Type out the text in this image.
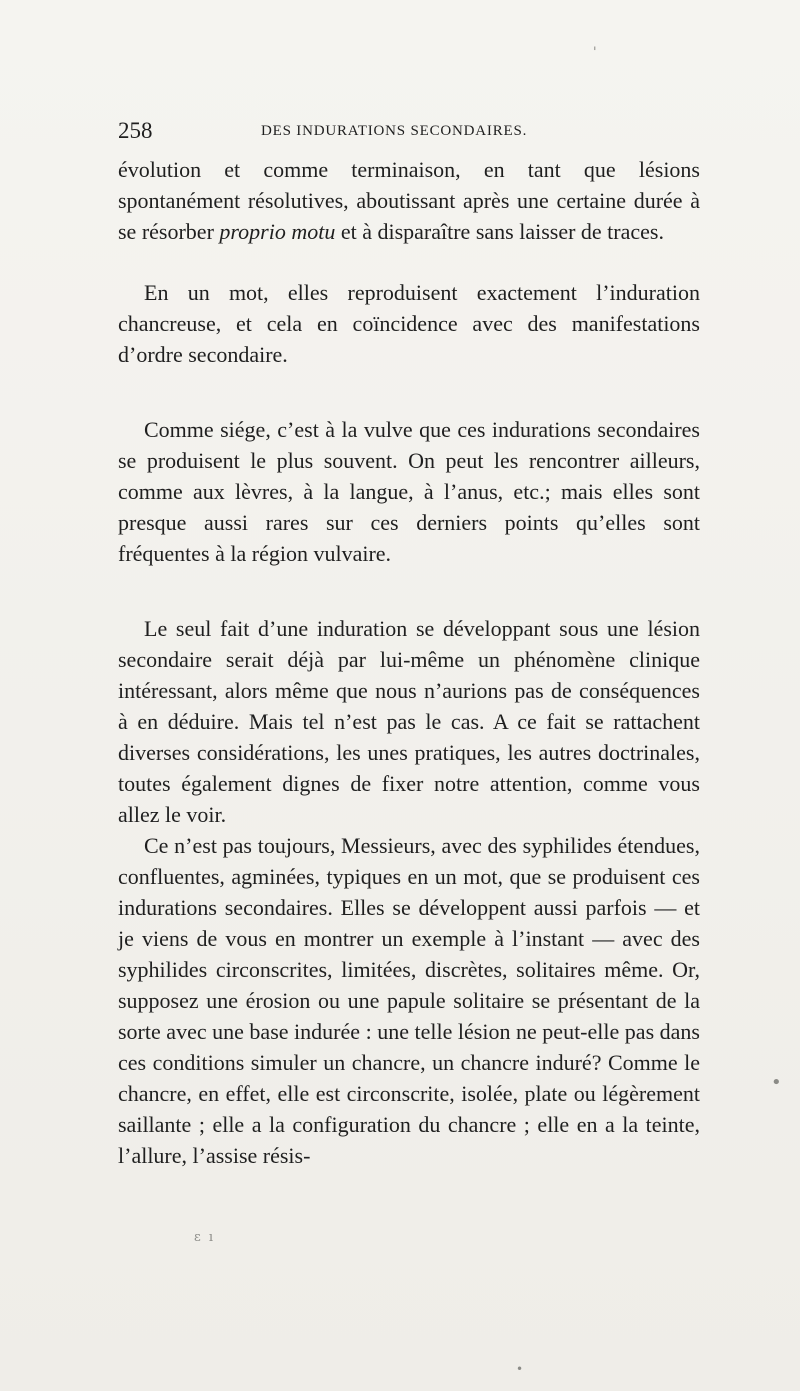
'
258	DES INDURATIONS SECONDAIRES.

évolution et comme terminaison, en tant que lésions spontanément résolutives, aboutissant après une certaine durée à se résorber proprio motu et à disparaître sans laisser de traces.

En un mot, elles reproduisent exactement l’induration chancreuse, et cela en coïncidence avec des manifestations d’ordre secondaire.

Comme siége, c’est à la vulve que ces indurations secondaires se produisent le plus souvent. On peut les rencontrer ailleurs, comme aux lèvres, à la langue, à l’anus, etc.; mais elles sont presque aussi rares sur ces derniers points qu’elles sont fréquentes à la région vulvaire.

Le seul fait d’une induration se développant sous une lésion secondaire serait déjà par lui-même un phénomène clinique intéressant, alors même que nous n’aurions pas de conséquences à en déduire. Mais tel n’est pas le cas. A ce fait se rattachent diverses considérations, les unes pratiques, les autres doctrinales, toutes également dignes de fixer notre attention, comme vous allez le voir.

Ce n’est pas toujours, Messieurs, avec des syphilides étendues, confluentes, agminées, typiques en un mot, que se produisent ces indurations secondaires. Elles se développent aussi parfois — et je viens de vous en montrer un exemple à l’instant — avec des syphilides circonscrites, limitées, discrètes, solitaires même. Or, supposez une érosion ou une papule solitaire se présentant de la sorte avec une base indurée : une telle lésion ne peut-elle pas dans ces conditions simuler un chancre, un chancre induré? Comme le chancre, en effet, elle est circonscrite, isolée, plate ou légèrement saillante ; elle a la configuration du chancre ; elle en a la teinte, l’allure, l’assise résis-

ɛ ı
•
•
